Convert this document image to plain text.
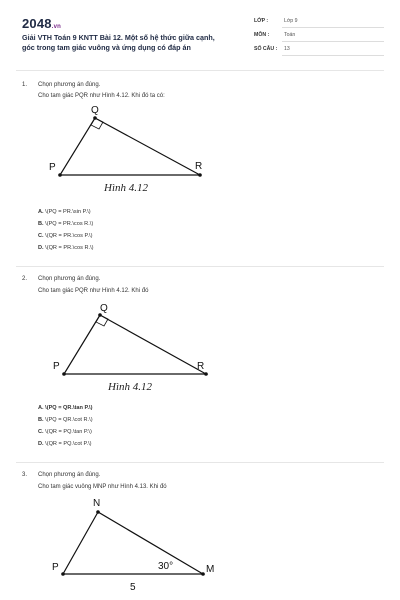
2048.vn
Giải VTH Toán 9 KNTT Bài 12. Một số hệ thức giữa cạnh,
góc trong tam giác vuông và ứng dụng có đáp án
LỚP :	Lớp 9
MÔN :	Toán
SỐ CÂU : 13
1. Chọn phương án đúng.
Cho tam giác PQR như Hình 4.12. Khi đó ta có:
Q
P	R
Hình 4.12
A. \(PQ = PR.\sin P.\)
B. \(PQ = PR.\cos R.\)
C. \(QR = PR.\cos P.\)
D. \(QR = PR.\cos R.\)
2. Chọn phương án đúng.
Cho tam giác PQR như Hình 4.12. Khi đó
Q
P	R
Hình 4.12
A. \(PQ = QR.\tan P.\)
B. \(PQ = QR.\cot R.\)
C. \(QR = PQ.\tan P.\)
D. \(QR = PQ.\cot P.\)
3. Chọn phương án đúng.
Cho tam giác vuông MNP như Hình 4.13. Khi đó
N
P	M
30°
5
